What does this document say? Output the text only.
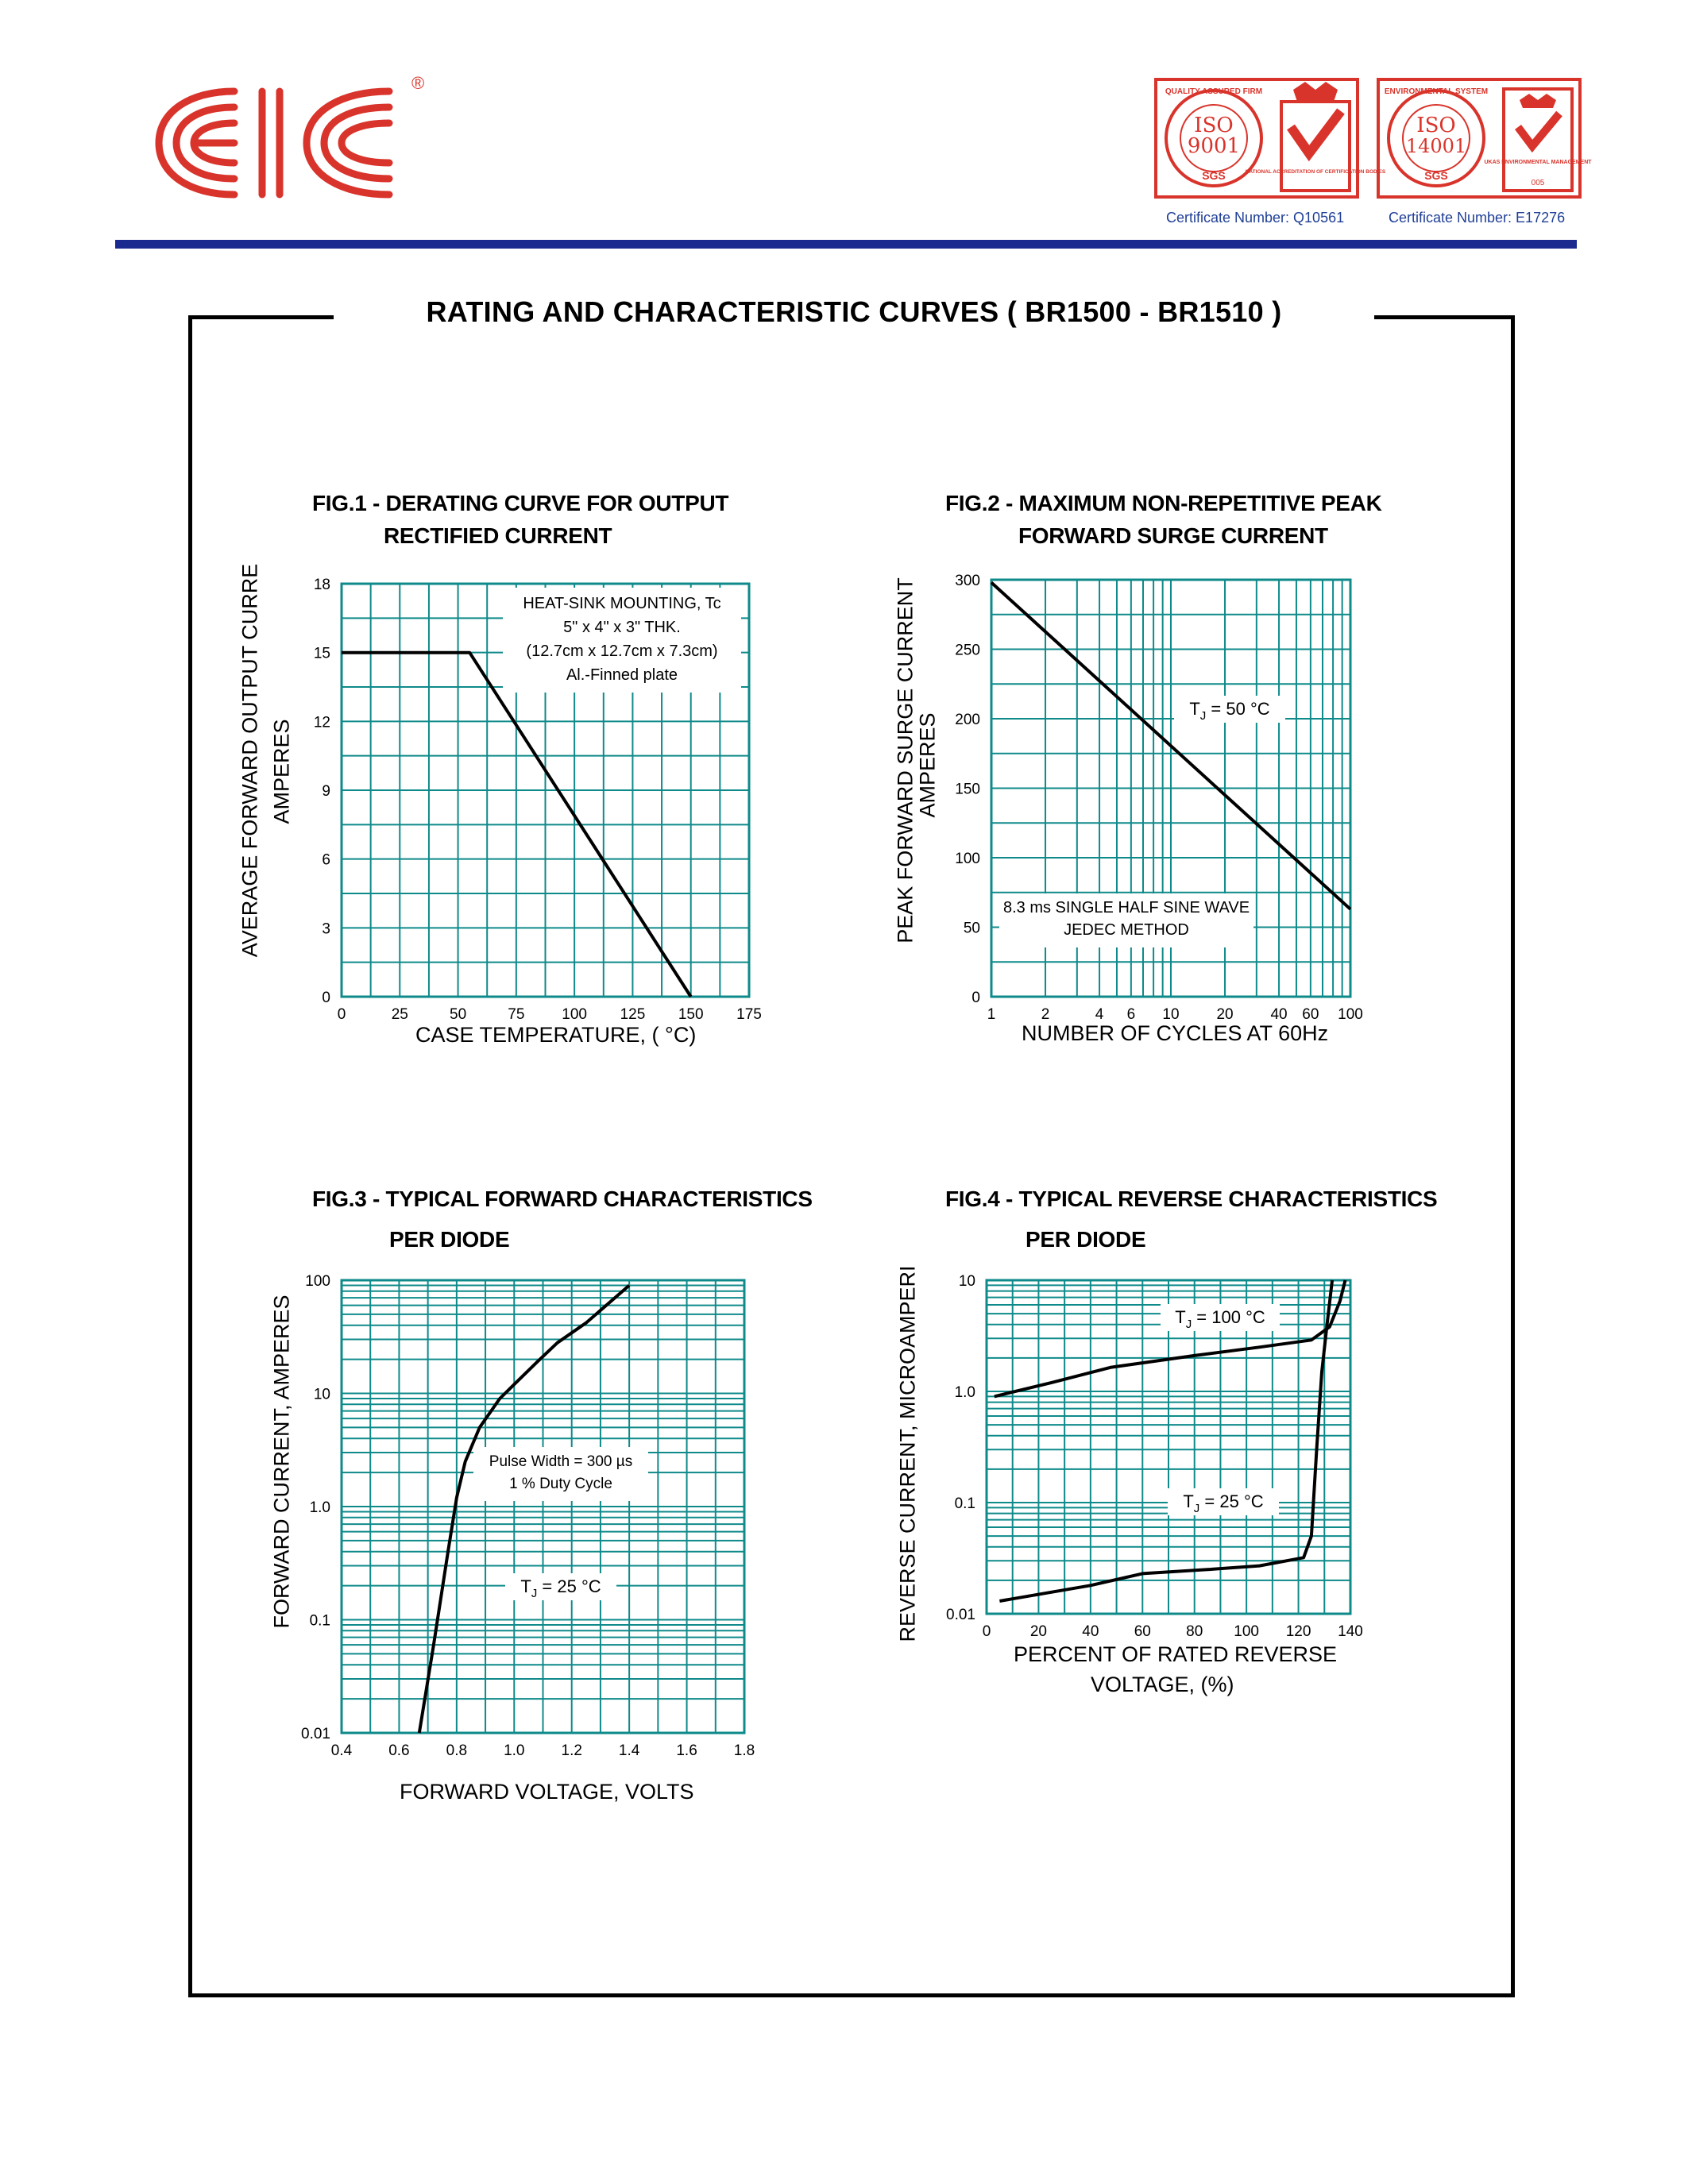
®	QUALITY ASSURED FIRM
ISO
9001
SGS	NATIONAL ACCREDITATION OF CERTIFICATION BODIES
Certificate Number: Q10561
ENVIRONMENTAL SYSTEM
ISO
14001
SGS
UKAS ENVIRONMENTAL MANAGEMENT
005
Certificate Number: E17276
RATING AND CHARACTERISTIC CURVES ( BR1500 - BR1510 )
FIG.1 - DERATING CURVE FOR OUTPUT
RECTIFIED CURRENT
AVERAGE FORWARD OUTPUT CURRE AMPERES
0	25	50	75 100 125 150 175
0
3
6
9
12
15
18
HEAT-SINK MOUNTING, Tc
5" x 4" x 3" THK.
(12.7cm x 12.7cm x 7.3cm)
Al.-Finned plate
CASE TEMPERATURE, ( °C)
FIG.2 - MAXIMUM NON-REPETITIVE PEAK
FORWARD SURGE CURRENT
PEAK FORWARD SURGE CURRENT
AMPERES
1	2	4 6 10 20 40 60 100
0
50
100
150
200
250
300
8.3 ms SINGLE HALF SINE WAVE
JEDEC METHOD
$T_J = 50$ °C
NUMBER OF CYCLES AT 60Hz
FIG.3 - TYPICAL FORWARD CHARACTERISTICS
PER DIODE
FORWARD CURRENT, AMPERES
0.4 0.6 0.8 1.0 1.2 1.4 1.6 1.8
0.01
0.1
1.0
10
100
Pulse Width = 300 µs
1 % Duty Cycle
$T_J = 25$ °C
FORWARD VOLTAGE, VOLTS
FIG.4 - TYPICAL REVERSE CHARACTERISTICS
PER DIODE
REVERSE CURRENT, MICROAMPERI	0	20 40 60 80 100 120 140
0.01
0.1
1.0
10
$T_J = 100$ °C
$T_J = 25$ °C
PERCENT OF RATED REVERSE
VOLTAGE, (%)
